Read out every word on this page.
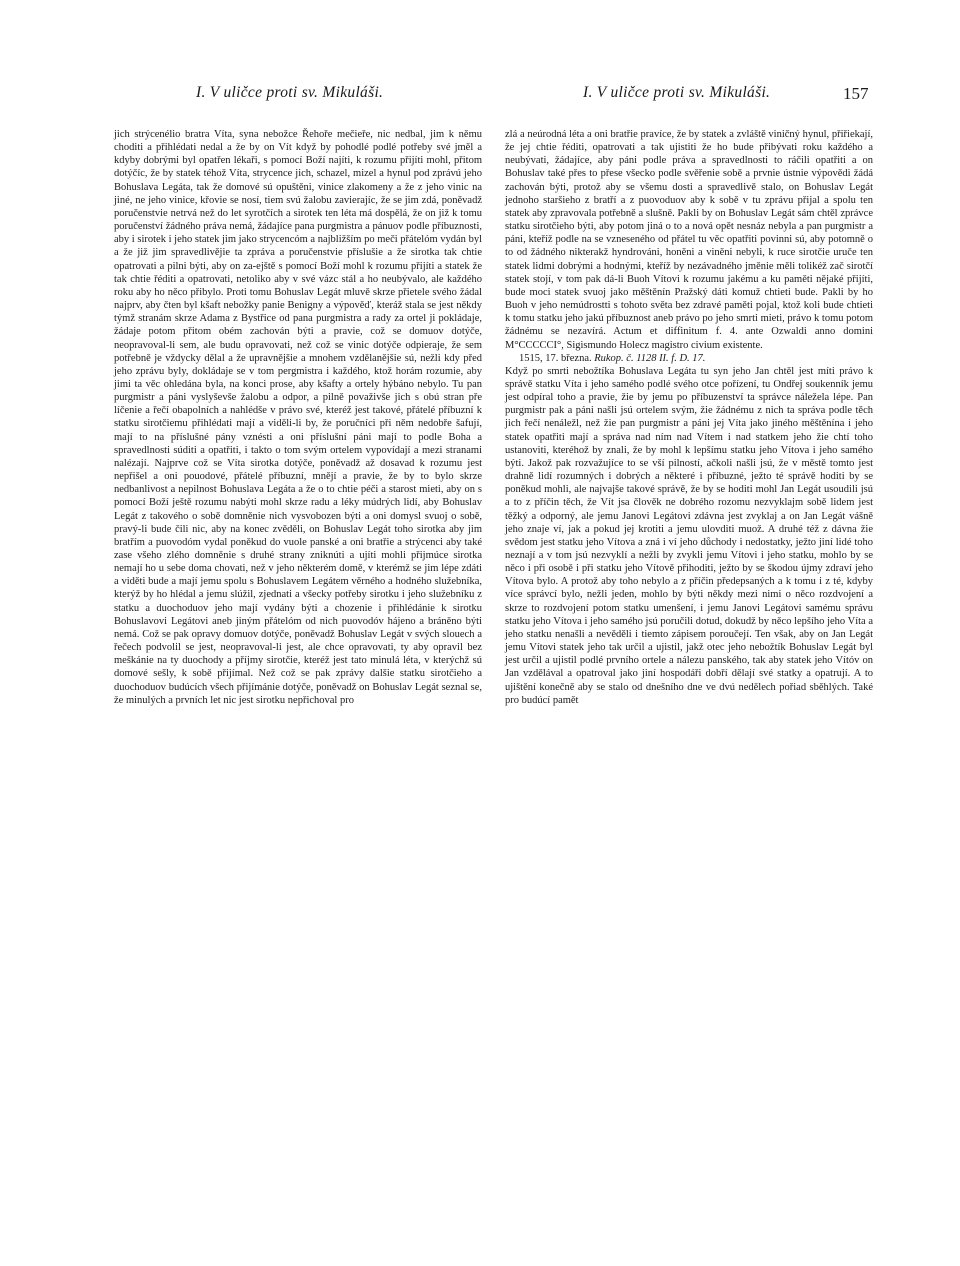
I. V uličce proti sv. Mikuláši.	I. V uličce proti sv. Mikuláši.	157

jich strýcenélio bratra Víta, syna nebožce Řehoře mečieře, nic nedbal, jim k němu choditi a přihlédati nedal a že by on Vít když by pohodlé podlé potřeby své jměl a kdyby dobrými byl opatřen lékaři, s pomocí Boží najíti, k rozumu přijíti mohl, přitom dotýčíc, že by statek téhož Víta, strycence jich, schazel, mizel a hynul pod zprávú jeho Bohuslava Legáta, tak že domové sú opuštěni, vinice zlakomeny a že z jeho vinic na jiné, ne jeho vinice, křovie se nosí, tiem svú žalobu zavierajíc, že se jim zdá, poněvadž poručenstvie netrvá než do let syrotčích a sirotek ten léta má dospělá, že on již k tomu poručenství žádného práva nemá, žádajíce pana purgmistra a pánuov podle příbuznosti, aby i sirotek i jeho statek jim jako strycencóm a najbližším po meči přátelóm vydán byl a že již jim spravedlivějie ta zpráva a poručenstvie příslušie a že sirotka tak chtie opatrovati a pilni býti, aby on za-ejště s pomocí Boží mohl k rozumu přijíti a statek že tak chtie řéditi a opatrovati, netoliko aby v své vázc stál a ho neubývalo, ale každého roku aby ho něco přibylo. Proti tomu Bohuslav Legát mluvě skrze přietele svého žádal najprv, aby čten byl kšaft nebožky panie Benigny a výpověď, kteráž stala se jest někdy týmž stranám skrze Adama z Bystřice od pana purgmistra a rady za ortel ji pokládaje, žádaje potom přitom obém zachován býti a pravie, což se domuov dotýče, neopravoval-li sem, ale budu opravovati, než což se vinic dotýče odpieraje, že sem potřebně je vždycky dělal a že upravnějšie a mnohem vzdělanějšie sú, nežli kdy před jeho zprávu byly, dokládaje se v tom pergmistra i každého, ktož horám rozumie, aby jimi ta věc ohledána byla, na konci prose, aby kšafty a ortely hýbáno nebylo. Tu pan purgmistr a páni vyslyševše žalobu a odpor, a pilně považivše jich s obú stran pře líčenie a řečí obapolních a nahlédše v právo své, kteréž jest takové, přátelé příbuzní k statku sirotčiemu přihlédati mají a viděli-li by, že poručníci při něm nedobře šafují, mají to na příslušné pány vznésti a oni příslušní páni mají to podle Boha a spravedlnosti súditi a opatřiti, i takto o tom svým ortelem vypovídají a mezi stranami nalézají. Najprve což se Víta sirotka dotýče, poněvadž až dosavad k rozumu jest nepřišel a oni pouodové, přátelé příbuzní, mnějí a pravie, že by to bylo skrze nedbanlivost a nepilnost Bohuslava Legáta a že o to chtie péči a starost mieti, aby on s pomocí Boží ještě rozumu nabýti mohl skrze radu a léky múdrých lidí, aby Bohuslav Legát z takového o sobě domněnie nich vysvobozen býti a oni domysl svuoj o sobě, pravý-li bude čili nic, aby na konec zvěděli, on Bohuslav Legát toho sirotka aby jim bratřím a puovodóm vydal poněkud do vuole panské a oni bratřie a strýcenci aby také zase všeho zlého domněnie s druhé strany zniknúti a ujíti mohli přijmúce sirotka nemají ho u sebe doma chovati, než v jeho některém domě, v kterémž se jim lépe zdáti a viděti bude a mají jemu spolu s Bohuslavem Legátem věrného a hodného služebníka, kterýž by ho hlédal a jemu slúžil, zjednati a všecky potřeby sirotku i jeho služebníku z statku a duochoduov jeho mají vydány býti a chozenie i přihlédánie k sirotku Bohuslavovi Legátovi aneb jiným přátelóm od nich puovodóv hájeno a bráněno býti nemá. Což se pak opravy domuov dotýče, poněvadž Bohuslav Legát v svých slouech a řečech podvolil se jest, neopravoval-li jest, ale chce opravovati, ty aby opravil bez meškánie na ty duochody a příjmy sirotčie, kteréž jest tato minulá léta, v kterýchž sú domové sešly, k sobě přijímal. Než což se pak zprávy dalšie statku sirotčieho a duochoduov budúcích všech přijímánie dotýče, poněvadž on Bohuslav Legát seznal se, že minulých a prvních let nic jest sirotku nepřichoval pro

zlá a neúrodná léta a oni bratřie pravíce, že by statek a zvláště viničný hynul, přiřiekají, že jej chtie řéditi, opatrovati a tak ujistiti že ho bude přibývati roku každého a neubývati, žádajíce, aby páni podle práva a spravedlnosti to ráčili opatřiti a on Bohuslav také přes to přese všecko podle svěřenie sobě a prvnie ústnie výpovědi žádá zachován býti, protož aby se všemu dosti a spravedlivě stalo, on Bohuslav Legát jednoho staršieho z bratří a z puovoduov aby k sobě v tu zprávu přijal a spolu ten statek aby zpravovala potřebně a slušně. Pakli by on Bohuslav Legát sám chtěl zprávce statku sirotčieho býti, aby potom jiná o to a nová opět nesnáz nebyla a pan purgmistr a páni, kteříž podle na se vzneseného od přátel tu věc opatřiti povinni sú, aby potomně o to od žádného nikterakž hyndrováni, honěni a viněni nebyli, k ruce sirotčie uruče ten statek lidmi dobrými a hodnými, kteříž by nezávadného jměnie měli tolikéž zač sirotčí statek stojí, v tom pak dá-li Buoh Vítovi k rozumu jakému a ku paměti nějaké přijíti, bude moci statek svuoj jako měštěnín Pražský dáti komuž chtieti bude. Pakli by ho Buoh v jeho nemúdrostti s tohoto světa bez zdravé paměti pojal, ktož koli bude chtieti k tomu statku jeho jakú příbuznost aneb právo po jeho smrti mieti, právo k tomu potom žádnému se nezavírá. Actum et diffinitum f. 4. ante Ozwaldi anno domini M°CCCCCI°, Sigismundo Holecz magistro civium existente.

1515, 17. března. Rukop. č. 1128 II. f. D. 17.

Když po smrti nebožtíka Bohuslava Legáta tu syn jeho Jan chtěl jest míti právo k správě statku Víta i jeho samého podlé svého otce pořízení, tu Ondřej soukenník jemu jest odpíral toho a pravie, žie by jemu po příbuzenství ta správce náležela lépe. Pan purgmistr pak a páni našli jsú ortelem svým, žie žádnému z nich ta správa podle těch jich řečí nenáležl, než žie pan purgmistr a páni jej Víta jako jiného měštěnína i jeho statek opatřiti mají a správa nad ním nad Vítem i nad statkem jeho žie chtí toho ustanoviti, kteréhož by znali, že by mohl k lepšímu statku jeho Vítova i jeho samého býti. Jakož pak rozvažujíce to se vší pilností, ačkoli našli jsú, že v městě tomto jest drahně lidí rozumných i dobrých a některé i příbuzné, ježto té správě hoditi by se poněkud mohli, ale najvajše takové správě, že by se hoditi mohl Jan Legát usoudili jsú a to z příčin těch, že Vít jsa člověk ne dobrého rozomu nezvyklajm sobě lidem jest těžký a odporný, ale jemu Janovi Legátovi zdávna jest zvyklaj a on Jan Legát vášně jeho znaje ví, jak a pokud jej krotiti a jemu ulovditi muož. A druhé též z dávna žie svědom jest statku jeho Vítova a zná i ví jeho důchody i nedostatky, ježto jiní lidé toho neznají a v tom jsú nezvyklí a nežli by zvykli jemu Vítovi i jeho statku, mohlo by se něco i při osobě i při statku jeho Vítově přihoditi, ježto by se škodou újmy zdraví jeho Vítova bylo. A protož aby toho nebylo a z příčin předepsaných a k tomu i z té, kdyby více správcí bylo, nežli jeden, mohlo by býti někdy mezi nimi o něco rozdvojení a skrze to rozdvojení potom statku umenšení, i jemu Janovi Legátovi samému správu statku jeho Vítova i jeho samého jsú poručili dotud, dokudž by něco lepšího jeho Víta a jeho statku nenašli a nevěděli i tiemto zápisem poroučejí. Ten však, aby on Jan Legát jemu Vítovi statek jeho tak určil a ujistil, jakž otec jeho nebožtík Bohuslav Legát byl jest určil a ujistil podlé prvního ortele a nálezu panského, tak aby statek jeho Vítóv on Jan vzdělával a opatroval jako jiní hospodáři dobří dělají své statky a opatrují. A to ujištění konečně aby se stalo od dnešního dne ve dvú nedělech pořiad sběhlých. Také pro budúcí pamět
